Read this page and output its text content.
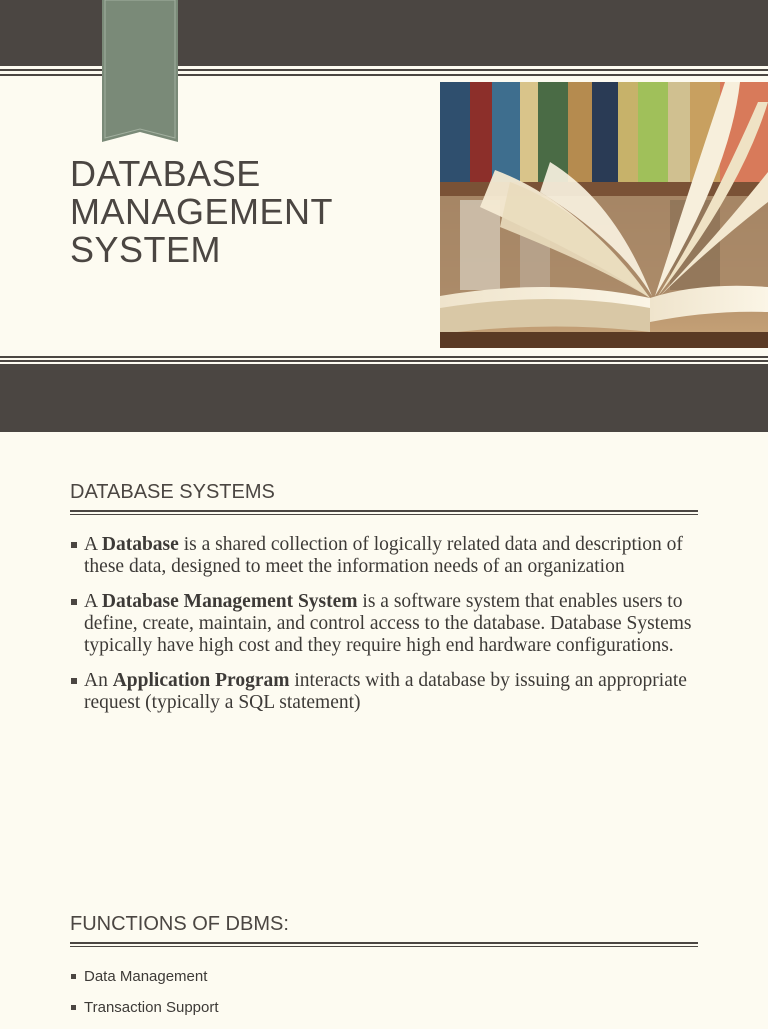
DATABASE
MANAGEMENT
SYSTEM
DATABASE SYSTEMS
A Database is a shared collection of logically related data and description of these data, designed to meet the information needs of an organization
A Database Management System is a software system that enables users to define, create, maintain, and control access to the database. Database Systems typically have high cost and they require high end hardware configurations.
An Application Program interacts with a database by issuing an appropriate request (typically a SQL statement)
FUNCTIONS OF DBMS:
Data Management
Transaction Support
